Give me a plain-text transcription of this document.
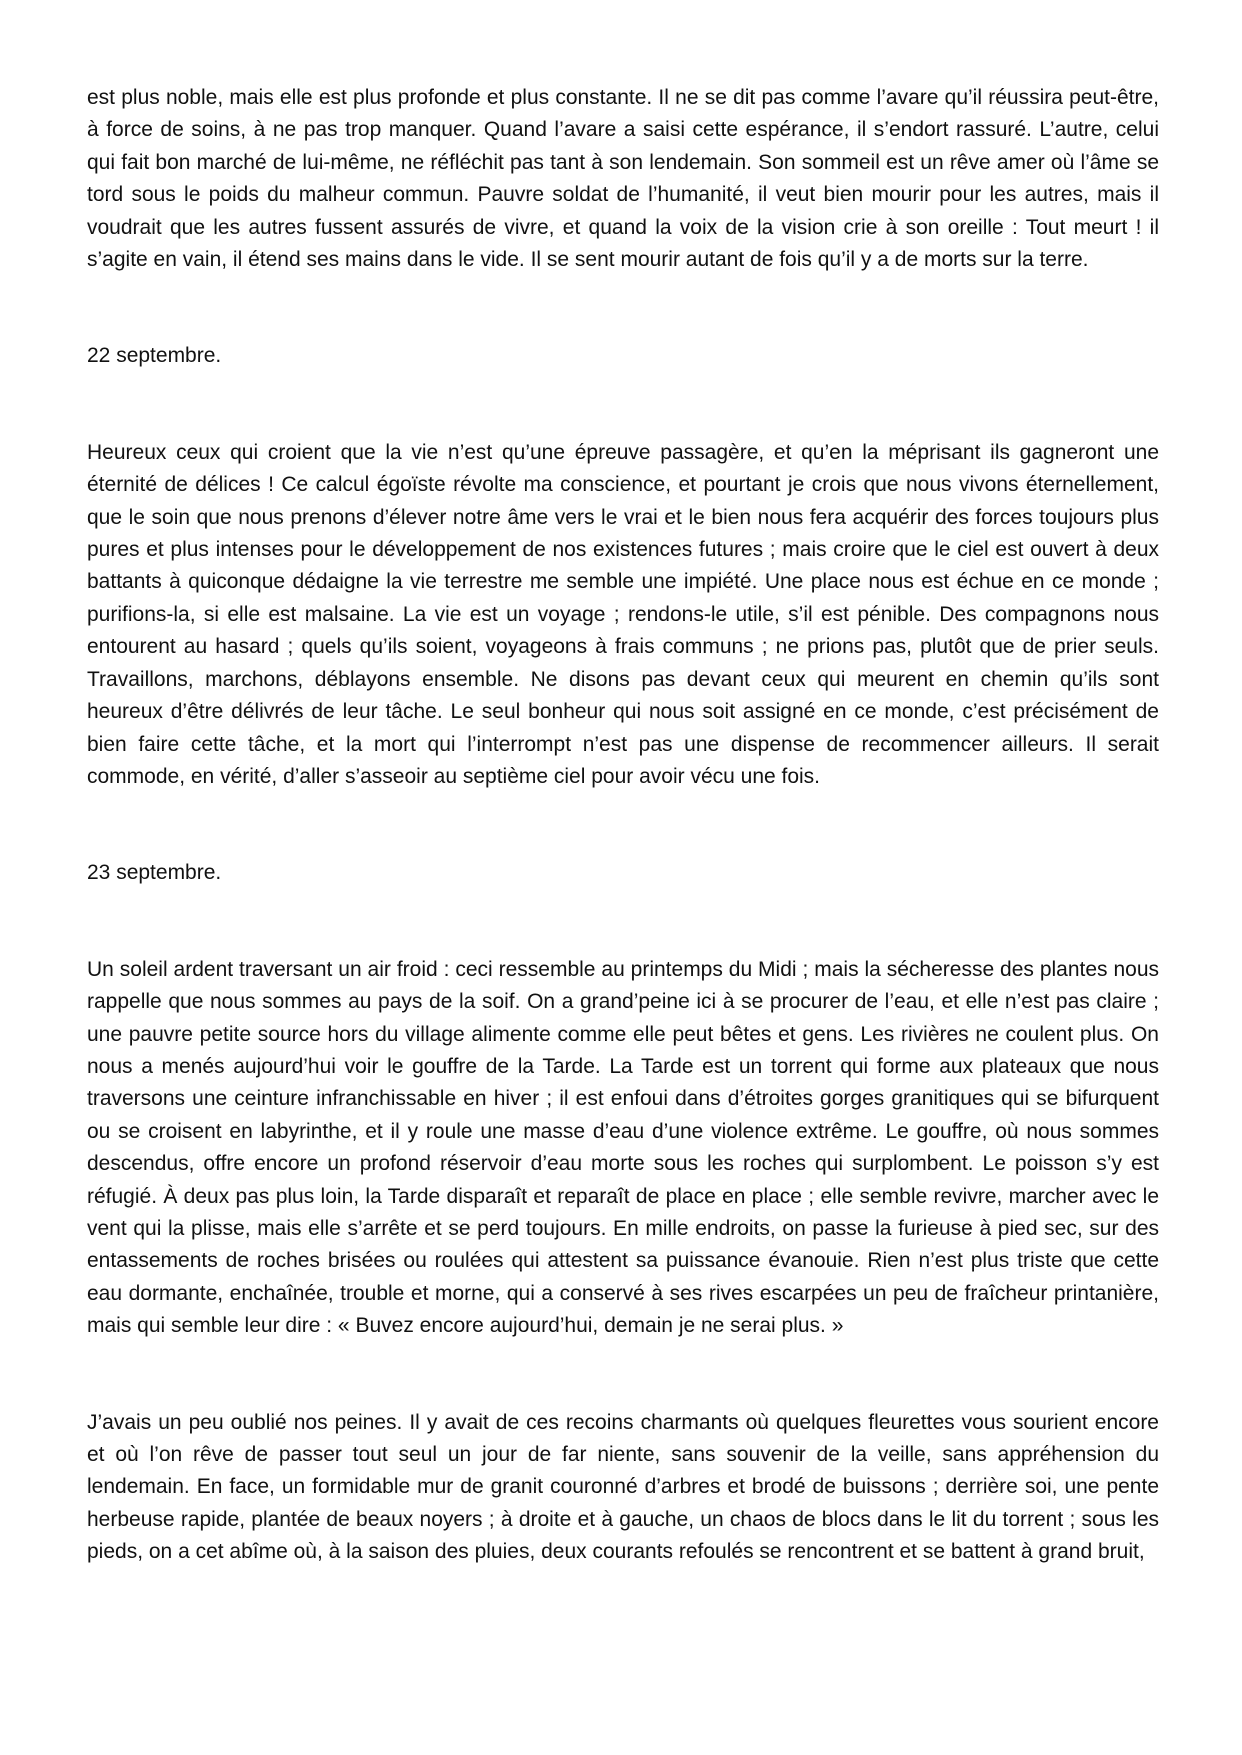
est plus noble, mais elle est plus profonde et plus constante. Il ne se dit pas comme l’avare qu’il réussira peut-être, à force de soins, à ne pas trop manquer. Quand l’avare a saisi cette espérance, il s’endort rassuré. L’autre, celui qui fait bon marché de lui-même, ne réfléchit pas tant à son lendemain. Son sommeil est un rêve amer où l’âme se tord sous le poids du malheur commun. Pauvre soldat de l’humanité, il veut bien mourir pour les autres, mais il voudrait que les autres fussent assurés de vivre, et quand la voix de la vision crie à son oreille : Tout meurt ! il s’agite en vain, il étend ses mains dans le vide. Il se sent mourir autant de fois qu’il y a de morts sur la terre.

22 septembre.

Heureux ceux qui croient que la vie n’est qu’une épreuve passagère, et qu’en la méprisant ils gagneront une éternité de délices ! Ce calcul égoïste révolte ma conscience, et pourtant je crois que nous vivons éternellement, que le soin que nous prenons d’élever notre âme vers le vrai et le bien nous fera acquérir des forces toujours plus pures et plus intenses pour le développement de nos existences futures ; mais croire que le ciel est ouvert à deux battants à quiconque dédaigne la vie terrestre me semble une impiété. Une place nous est échue en ce monde ; purifions-la, si elle est malsaine. La vie est un voyage ; rendons-le utile, s’il est pénible. Des compagnons nous entourent au hasard ; quels qu’ils soient, voyageons à frais communs ; ne prions pas, plutôt que de prier seuls. Travaillons, marchons, déblayons ensemble. Ne disons pas devant ceux qui meurent en chemin qu’ils sont heureux d’être délivrés de leur tâche. Le seul bonheur qui nous soit assigné en ce monde, c’est précisément de bien faire cette tâche, et la mort qui l’interrompt n’est pas une dispense de recommencer ailleurs. Il serait commode, en vérité, d’aller s’asseoir au septième ciel pour avoir vécu une fois.

23 septembre.

Un soleil ardent traversant un air froid : ceci ressemble au printemps du Midi ; mais la sécheresse des plantes nous rappelle que nous sommes au pays de la soif. On a grand’peine ici à se procurer de l’eau, et elle n’est pas claire ; une pauvre petite source hors du village alimente comme elle peut bêtes et gens. Les rivières ne coulent plus. On nous a menés aujourd’hui voir le gouffre de la Tarde. La Tarde est un torrent qui forme aux plateaux que nous traversons une ceinture infranchissable en hiver ; il est enfoui dans d’étroites gorges granitiques qui se bifurquent ou se croisent en labyrinthe, et il y roule une masse d’eau d’une violence extrême. Le gouffre, où nous sommes descendus, offre encore un profond réservoir d’eau morte sous les roches qui surplombent. Le poisson s’y est réfugié. À deux pas plus loin, la Tarde disparaît et reparaît de place en place ; elle semble revivre, marcher avec le vent qui la plisse, mais elle s’arrête et se perd toujours. En mille endroits, on passe la furieuse à pied sec, sur des entassements de roches brisées ou roulées qui attestent sa puissance évanouie. Rien n’est plus triste que cette eau dormante, enchaînée, trouble et morne, qui a conservé à ses rives escarpées un peu de fraîcheur printanière, mais qui semble leur dire : « Buvez encore aujourd’hui, demain je ne serai plus. »

J’avais un peu oublié nos peines. Il y avait de ces recoins charmants où quelques fleurettes vous sourient encore et où l’on rêve de passer tout seul un jour de far niente, sans souvenir de la veille, sans appréhension du lendemain. En face, un formidable mur de granit couronné d’arbres et brodé de buissons ; derrière soi, une pente herbeuse rapide, plantée de beaux noyers ; à droite et à gauche, un chaos de blocs dans le lit du torrent ; sous les pieds, on a cet abîme où, à la saison des pluies, deux courants refoulés se rencontrent et se battent à grand bruit,
